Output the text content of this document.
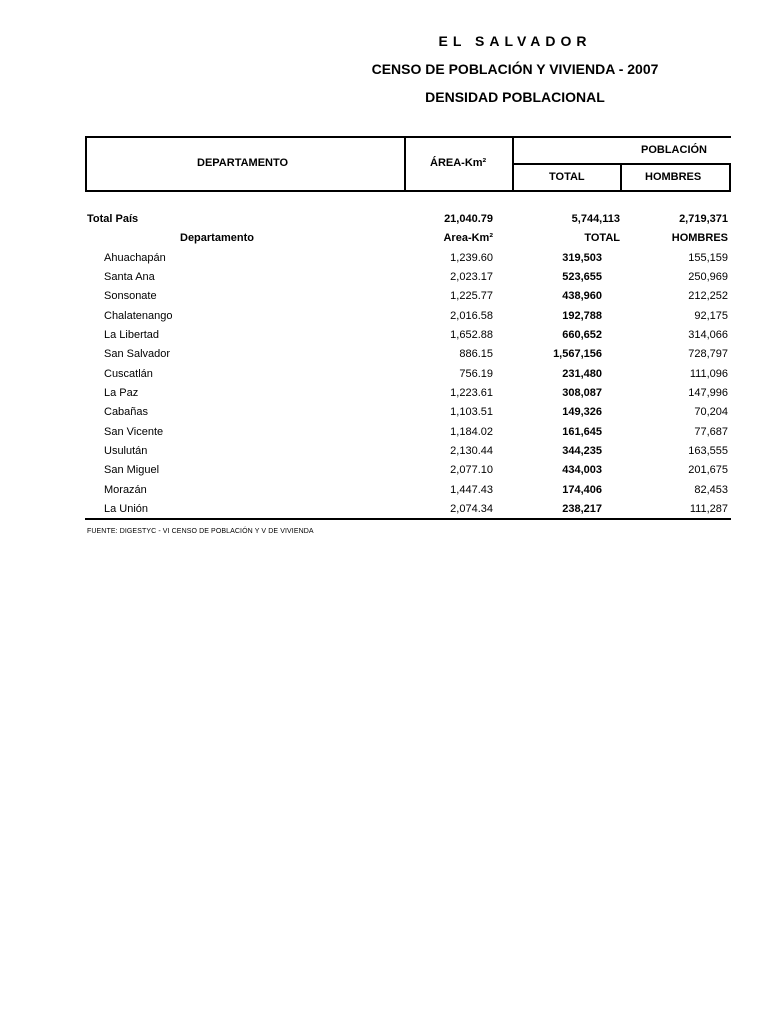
EL SALVADOR
CENSO DE POBLACIÓN Y VIVIENDA - 2007
DENSIDAD POBLACIONAL
DEPARTAMENTO	ÁREA-Km²
POBLACIÓN
TOTAL	HOMBRES
Total País	21,040.79	5,744,113	2,719,371
Departamento	Area-Km²	TOTAL	HOMBRES
Ahuachapán	1,239.60	319,503	155,159
Santa Ana	2,023.17	523,655	250,969
Sonsonate	1,225.77	438,960	212,252
Chalatenango	2,016.58	192,788	92,175
La Libertad	1,652.88	660,652	314,066
San Salvador	886.15	1,567,156	728,797
Cuscatlán	756.19	231,480	111,096
La Paz	1,223.61	308,087	147,996
Cabañas	1,103.51	149,326	70,204
San Vicente	1,184.02	161,645	77,687
Usulután	2,130.44	344,235	163,555
San Miguel	2,077.10	434,003	201,675
Morazán	1,447.43	174,406	82,453
La Unión	2,074.34	238,217	111,287
FUENTE: DIGESTYC - VI CENSO DE POBLACIÓN Y V DE VIVIENDA
